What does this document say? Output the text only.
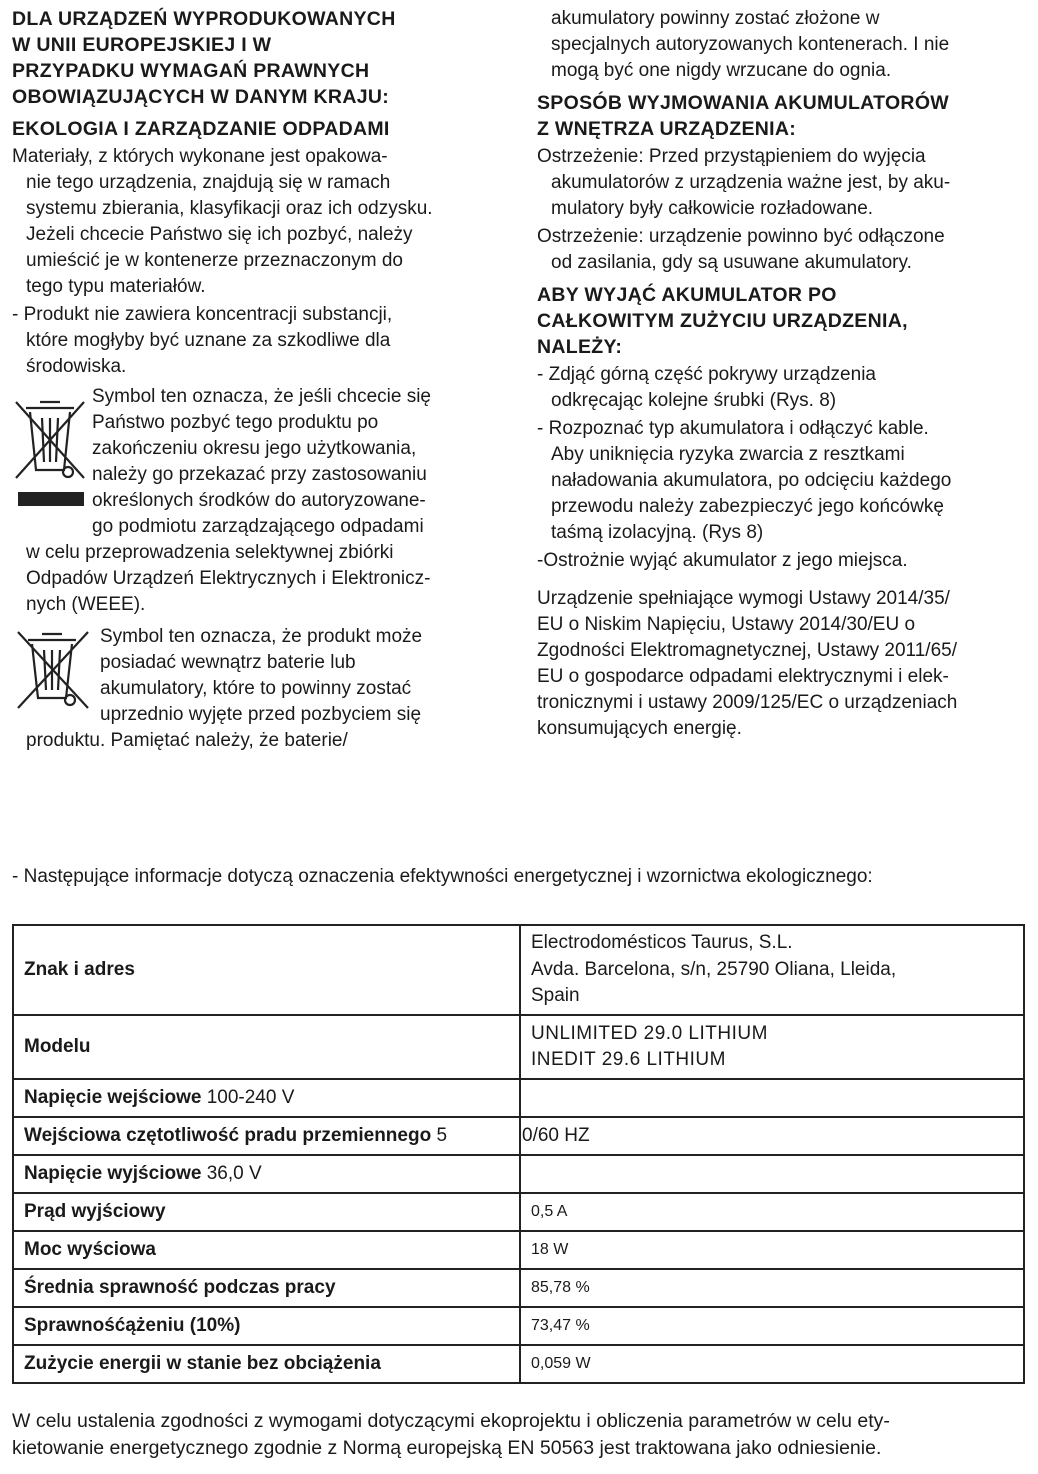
DLA URZĄDZEŃ WYPRODUKOWANYCH
W UNII EUROPEJSKIEJ I W
PRZYPADKU WYMAGAŃ PRAWNYCH
OBOWIĄZUJĄCYCH W DANYM KRAJU:
EKOLOGIA I ZARZĄDZANIE ODPADAMI
Materiały, z których wykonane jest opakowa-
nie tego urządzenia, znajdują się w ramach
systemu zbierania, klasyfikacji oraz ich odzysku.
Jeżeli chcecie Państwo się ich pozbyć, należy
umieścić je w kontenerze przeznaczonym do
tego typu materiałów.
- Produkt nie zawiera koncentracji substancji,
które mogłyby być uznane za szkodliwe dla
środowiska.
Symbol ten oznacza, że jeśli chcecie się
Państwo pozbyć tego produktu po
zakończeniu okresu jego użytkowania,
należy go przekazać przy zastosowaniu
określonych środków do autoryzowane-
go podmiotu zarządzającego odpadami
w celu przeprowadzenia selektywnej zbiórki
Odpadów Urządzeń Elektrycznych i Elektronicz-
nych (WEEE).
Symbol ten oznacza, że produkt może
posiadać wewnątrz baterie lub
akumulatory, które to powinny zostać
uprzednio wyjęte przed pozbyciem się
produktu. Pamiętać należy, że baterie/
akumulatory powinny zostać złożone w
specjalnych autoryzowanych kontenerach. I nie
mogą być one nigdy wrzucane do ognia.
SPOSÓB WYJMOWANIA AKUMULATORÓW
Z WNĘTRZA URZĄDZENIA:
Ostrzeżenie: Przed przystąpieniem do wyjęcia
akumulatorów z urządzenia ważne jest, by aku-
mulatory były całkowicie rozładowane.
Ostrzeżenie: urządzenie powinno być odłączone
od zasilania, gdy są usuwane akumulatory.
ABY WYJĄĆ AKUMULATOR PO
CAŁKOWITYM ZUŻYCIU URZĄDZENIA,
NALEŻY:
- Zdjąć górną część pokrywy urządzenia
odkręcając kolejne śrubki (Rys. 8)
- Rozpoznać typ akumulatora i odłączyć kable.
Aby uniknięcia ryzyka zwarcia z resztkami
naładowania akumulatora, po odcięciu każdego
przewodu należy zabezpieczyć jego końcówkę
taśmą izolacyjną. (Rys 8)
-Ostrożnie wyjąć akumulator z jego miejsca.
Urządzenie spełniające wymogi Ustawy 2014/35/
EU o Niskim Napięciu, Ustawy 2014/30/EU o
Zgodności Elektromagnetycznej, Ustawy 2011/65/
EU o gospodarce odpadami elektrycznymi i elek-
tronicznymi i ustawy 2009/125/EC o urządzeniach
konsumujących energię.
- Następujące informacje dotyczą oznaczenia efektywności energetycznej i wzornictwa ekologicznego:
Znak i adres	Electrodomésticos Taurus, S.L.
Avda. Barcelona, s/n, 25790 Oliana, Lleida,
Spain
Modelu	UNLIMITED 29.0 LITHIUM
INEDIT 29.6 LITHIUM
Napięcie wejściowe 100-240 V	
Wejściowa czętotliwość pradu przemiennego 5	0/60 HZ
Napięcie wyjściowe 36,0 V	
Prąd wyjściowy	0,5 A
Moc wyściowa	18 W
Średnia sprawność podczas pracy	85,78 %
Sprawnośćążeniu (10%)	73,47 %
Zużycie energii w stanie bez obciążenia	0,059 W
W celu ustalenia zgodności z wymogami dotyczącymi ekoprojektu i obliczenia parametrów w celu ety-
kietowanie energetycznego zgodnie z Normą europejską EN 50563 jest traktowana jako odniesienie.
